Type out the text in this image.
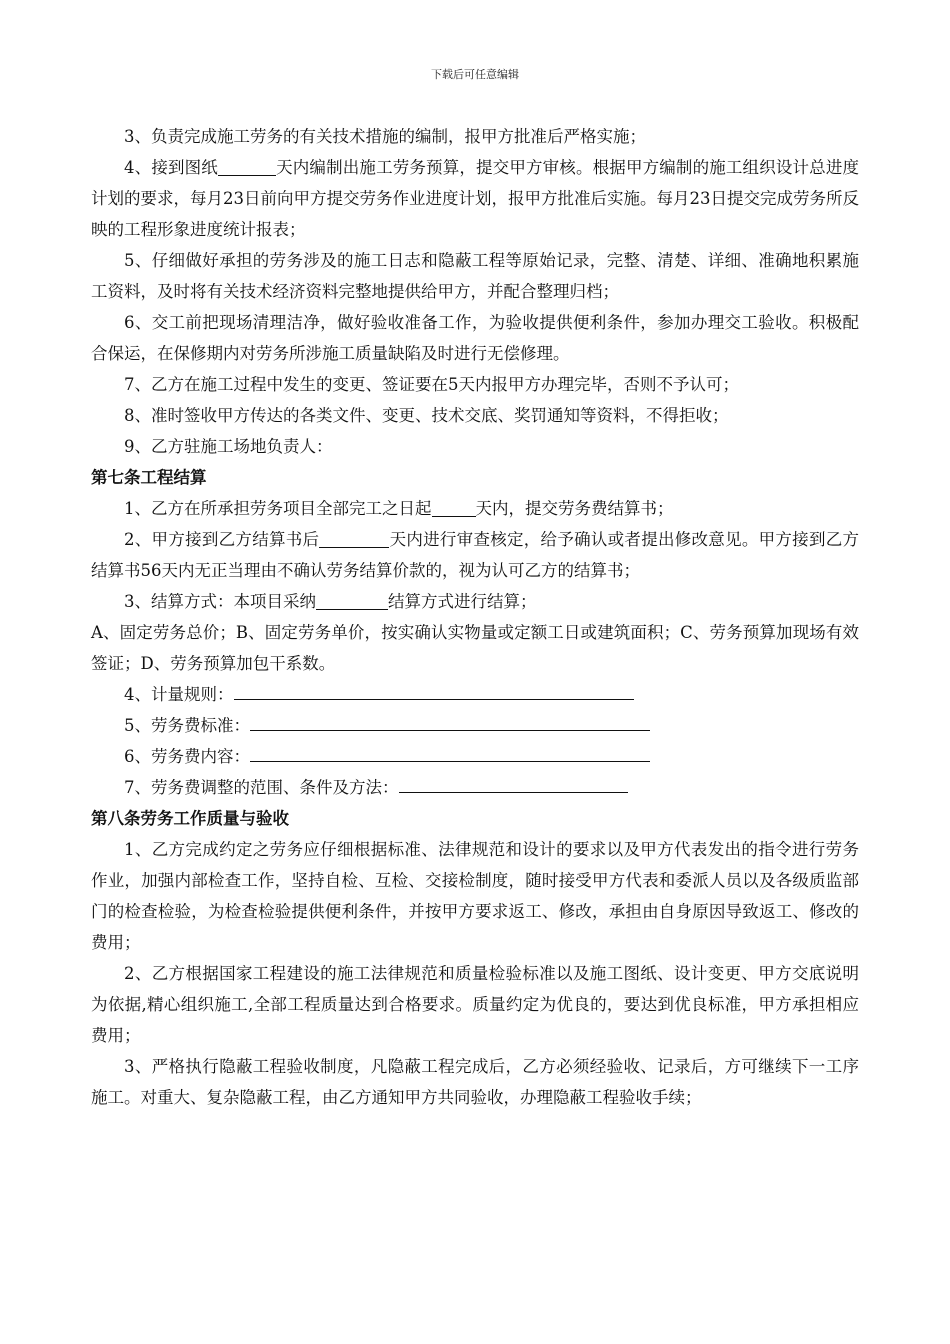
下载后可任意编辑

3、负责完成施工劳务的有关技术措施的编制，报甲方批准后严格实施；

4、接到图纸	天内编制出施工劳务预算，提交甲方审核。根据甲方编制的施工组织设计总进度计划的要求，每月23日前向甲方提交劳务作业进度计划，报甲方批准后实施。每月23日提交完成劳务所反映的工程形象进度统计报表；

5、仔细做好承担的劳务涉及的施工日志和隐蔽工程等原始记录，完整、清楚、详细、准确地积累施工资料，及时将有关技术经济资料完整地提供给甲方，并配合整理归档；

6、交工前把现场清理洁净，做好验收准备工作，为验收提供便利条件，参加办理交工验收。积极配合保运，在保修期内对劳务所涉施工质量缺陷及时进行无偿修理。

7、乙方在施工过程中发生的变更、签证要在5天内报甲方办理完毕，否则不予认可；

8、准时签收甲方传达的各类文件、变更、技术交底、奖罚通知等资料，不得拒收；

9、乙方驻施工场地负责人：

第七条工程结算

1、乙方在所承担劳务项目全部完工之日起	天内，提交劳务费结算书；

2、甲方接到乙方结算书后	天内进行审查核定，给予确认或者提出修改意见。甲方接到乙方结算书56天内无正当理由不确认劳务结算价款的，视为认可乙方的结算书；

3、结算方式：本项目采纳	结算方式进行结算；

A、固定劳务总价；B、固定劳务单价，按实确认实物量或定额工日或建筑面积；C、劳务预算加现场有效签证；D、劳务预算加包干系数。

4、计量规则：

5、劳务费标准：

6、劳务费内容：

7、劳务费调整的范围、条件及方法：

第八条劳务工作质量与验收

1、乙方完成约定之劳务应仔细根据标准、法律规范和设计的要求以及甲方代表发出的指令进行劳务作业，加强内部检查工作，坚持自检、互检、交接检制度，随时接受甲方代表和委派人员以及各级质监部门的检查检验，为检查检验提供便利条件，并按甲方要求返工、修改，承担由自身原因导致返工、修改的费用；

2、乙方根据国家工程建设的施工法律规范和质量检验标准以及施工图纸、设计变更、甲方交底说明为依据,精心组织施工,全部工程质量达到合格要求。质量约定为优良的，要达到优良标准，甲方承担相应费用；

3、严格执行隐蔽工程验收制度，凡隐蔽工程完成后，乙方必须经验收、记录后，方可继续下一工序施工。对重大、复杂隐蔽工程，由乙方通知甲方共同验收，办理隐蔽工程验收手续；
